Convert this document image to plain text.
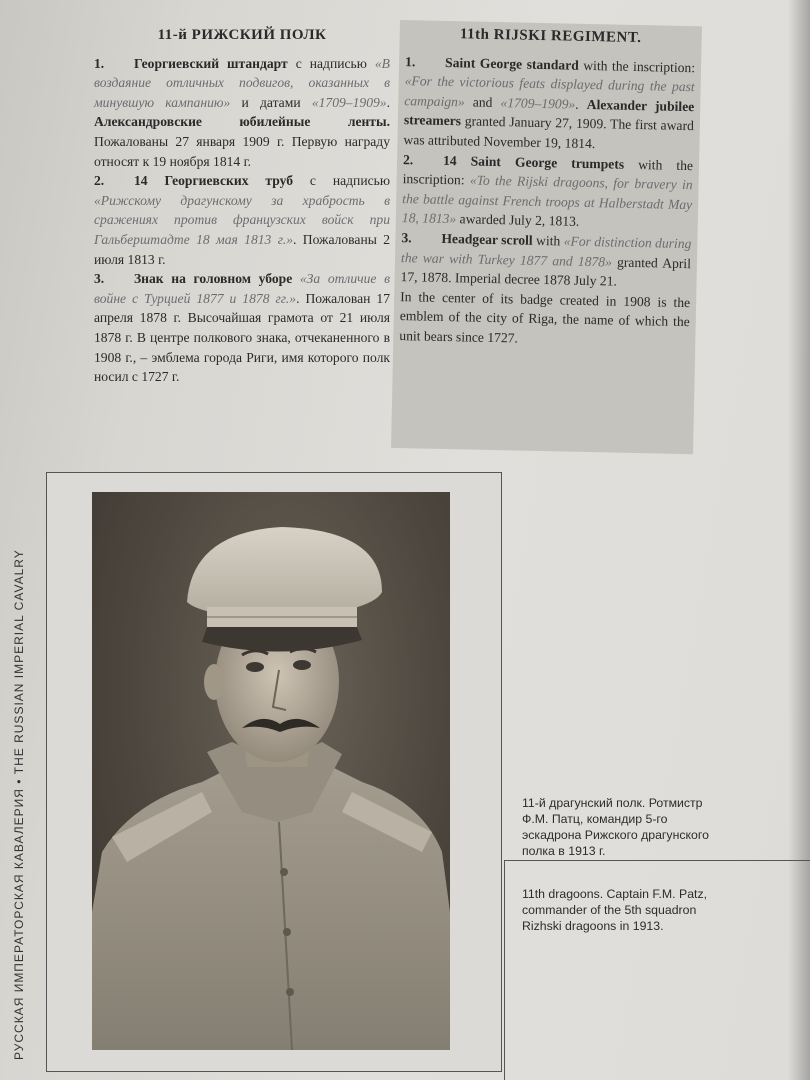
11-й РИЖСКИЙ ПОЛК

1. Георгиевский штандарт с надписью «В воздаяние отличных подвигов, оказанных в минувшую кампанию» и датами «1709–1909». Александровские юбилейные ленты. Пожалованы 27 января 1909 г. Первую награду относят к 19 ноября 1814 г.

2. 14 Георгиевских труб с надписью «Рижскому драгунскому за храбрость в сражениях против французских войск при Гальберштадте 18 мая 1813 г.». Пожалованы 2 июля 1813 г.

3. Знак на головном уборе «За отличие в войне с Турцией 1877 и 1878 гг.». Пожалован 17 апреля 1878 г. Высочайшая грамота от 21 июля 1878 г. В центре полкового знака, отчеканенного в 1908 г., – эмблема города Риги, имя которого полк носил с 1727 г.

11th RIJSKI REGIMENT.

1. Saint George standard with the inscription: «For the victorious feats displayed during the past campaign» and «1709–1909». Alexander jubilee streamers granted January 27, 1909. The first award was attributed November 19, 1814.

2. 14 Saint George trumpets with the inscription: «To the Rijski dragoons, for bravery in the battle against French troops at Halberstadt May 18, 1813» awarded July 2, 1813.

3. Headgear scroll with «For distinction during the war with Turkey 1877 and 1878» granted April 17, 1878. Imperial decree 1878 July 21.

In the center of its badge created in 1908 is the emblem of the city of Riga, the name of which the unit bears since 1727.

РУССКАЯ ИМПЕРАТОРСКАЯ КАВАЛЕРИЯ • THE RUSSIAN IMPERIAL CAVALRY	11-й драгунский полк. Ротмистр Ф.М. Патц, командир 5-го эскадрона Рижского драгунского полка в 1913 г.
11th dragoons. Captain F.M. Patz, commander of the 5th squadron Rizhski dragoons in 1913.
